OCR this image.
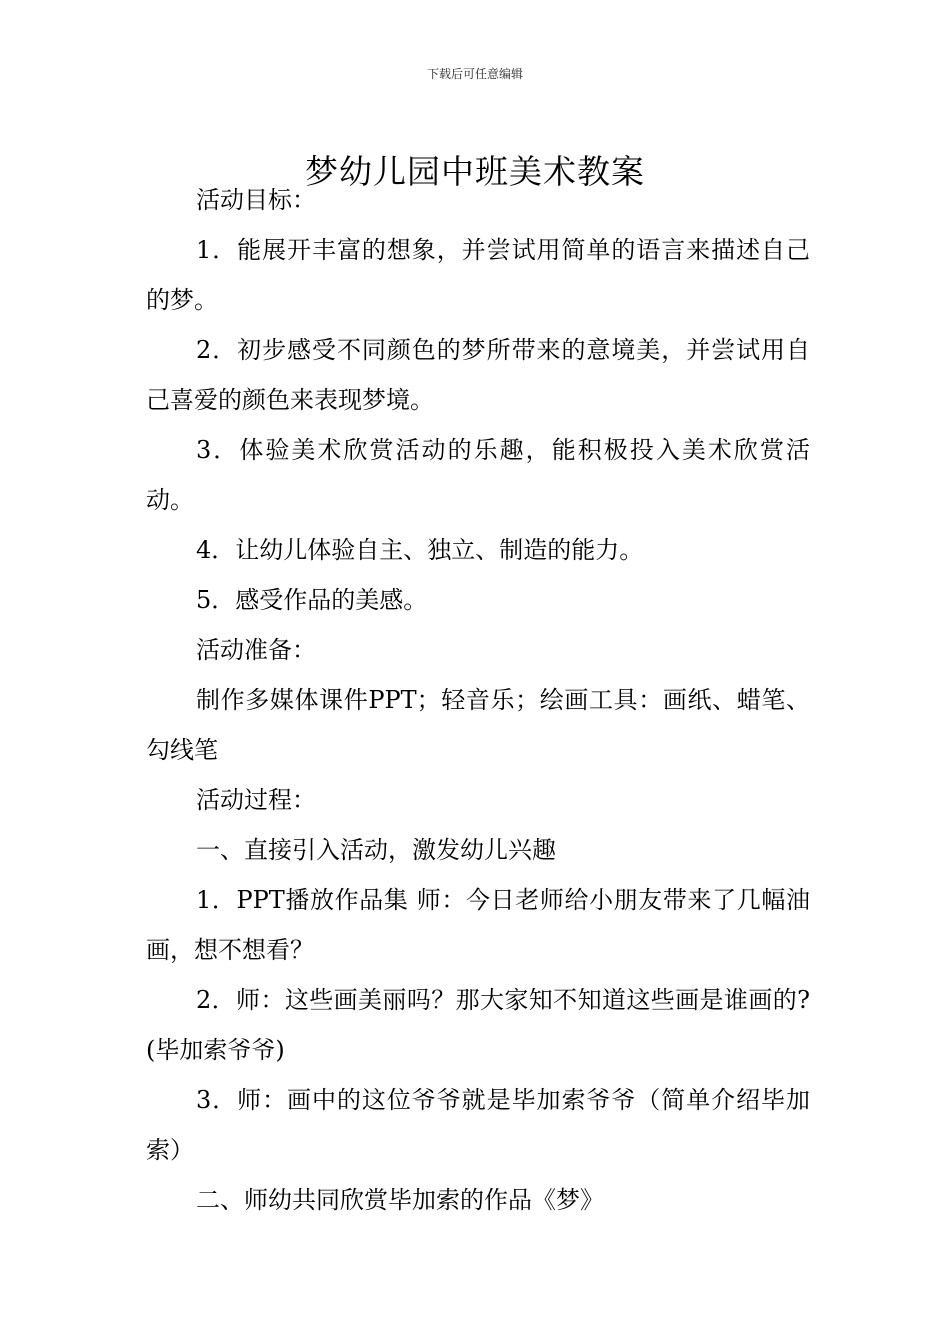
下载后可任意编辑
梦幼儿园中班美术教案

活动目标：

1．能展开丰富的想象，并尝试用简单的语言来描述自己的梦。

2．初步感受不同颜色的梦所带来的意境美，并尝试用自己喜爱的颜色来表现梦境。

3．体验美术欣赏活动的乐趣，能积极投入美术欣赏活动。

4．让幼儿体验自主、独立、制造的能力。

5．感受作品的美感。

活动准备：

制作多媒体课件PPT；轻音乐；绘画工具：画纸、蜡笔、勾线笔

活动过程：

一、直接引入活动，激发幼儿兴趣

1．PPT播放作品集 师：今日老师给小朋友带来了几幅油画，想不想看？

2．师：这些画美丽吗？那大家知不知道这些画是谁画的?(毕加索爷爷)

3．师：画中的这位爷爷就是毕加索爷爷（简单介绍毕加索）

二、师幼共同欣赏毕加索的作品《梦》
